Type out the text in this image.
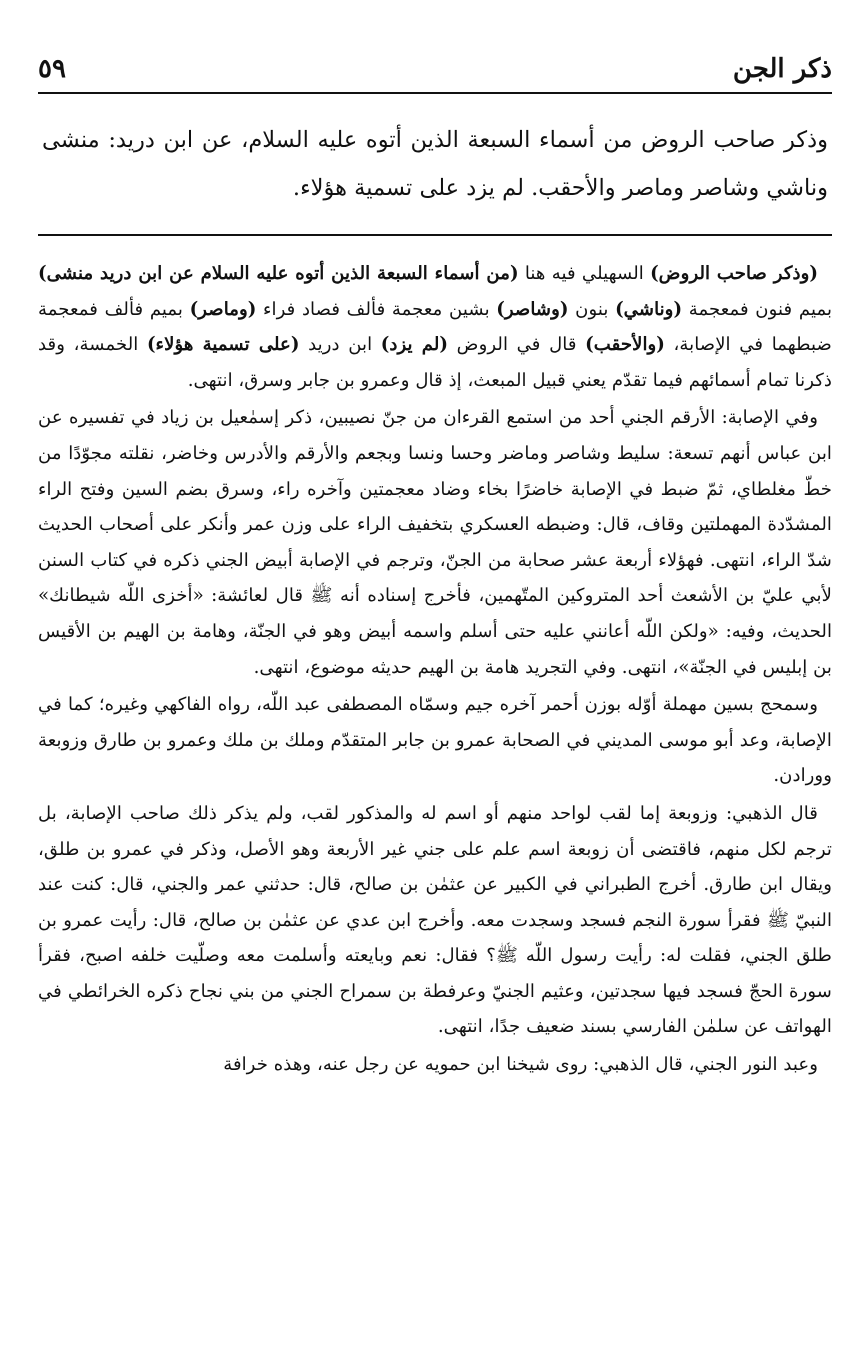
ذكر الجن
٥٩
وذكر صاحب الروض من أسماء السبعة الذين أتوه عليه السلام، عن ابن دريد: منشى وناشي وشاصر وماصر والأحقب. لم يزد على تسمية هؤلاء.

(وذكر صاحب الروض) السهيلي فيه هنا (من أسماء السبعة الذين أتوه عليه السلام عن ابن دريد منشى) بميم فنون فمعجمة (وناشي) بنون (وشاصر) بشين معجمة فألف فصاد فراء (وماصر) بميم فألف فمعجمة ضبطهما في الإصابة، (والأحقب) قال في الروض (لم يزد) ابن دريد (على تسمية هؤلاء) الخمسة، وقد ذكرنا تمام أسمائهم فيما تقدّم يعني قبيل المبعث، إذ قال وعمرو بن جابر وسرق، انتهى.

وفي الإصابة: الأرقم الجني أحد من استمع القرءان من جنّ نصيبين، ذكر إسمٰعيل بن زياد في تفسيره عن ابن عباس أنهم تسعة: سليط وشاصر وماضر وحسا ونسا وبجعم والأرقم والأدرس وخاضر، نقلته مجوّدًا من خطّ مغلطاي، ثمّ ضبط في الإصابة خاضرًا بخاء وضاد معجمتين وآخره راء، وسرق بضم السين وفتح الراء المشدّدة المهملتين وقاف، قال: وضبطه العسكري بتخفيف الراء على وزن عمر وأنكر على أصحاب الحديث شدّ الراء، انتهى. فهؤلاء أربعة عشر صحابة من الجنّ، وترجم في الإصابة أبيض الجني ذكره في كتاب السنن لأبي عليّ بن الأشعث أحد المتروكين المتّهمين، فأخرج إسناده أنه ﷺ قال لعائشة: «أخزى اللّه شيطانك» الحديث، وفيه: «ولكن اللّه أعانني عليه حتى أسلم واسمه أبيض وهو في الجنّة، وهامة بن الهيم بن الأقيس بن إبليس في الجنّة»، انتهى. وفي التجريد هامة بن الهيم حديثه موضوع، انتهى.

وسمحج بسين مهملة أوّله بوزن أحمر آخره جيم وسمّاه المصطفى عبد اللّه، رواه الفاكهي وغيره؛ كما في الإصابة، وعد أبو موسى المديني في الصحابة عمرو بن جابر المتقدّم وملك بن ملك وعمرو بن طارق وزوبعة وورادن.

قال الذهبي: وزوبعة إما لقب لواحد منهم أو اسم له والمذكور لقب، ولم يذكر ذلك صاحب الإصابة، بل ترجم لكل منهم، فاقتضى أن زوبعة اسم علم على جني غير الأربعة وهو الأصل، وذكر في عمرو بن طلق، ويقال ابن طارق. أخرج الطبراني في الكبير عن عثمٰن بن صالح، قال: حدثني عمر والجني، قال: كنت عند النبيّ ﷺ فقرأ سورة النجم فسجد وسجدت معه. وأخرج ابن عدي عن عثمٰن بن صالح، قال: رأيت عمرو بن طلق الجني، فقلت له: رأيت رسول اللّه ﷺ؟ فقال: نعم وبايعته وأسلمت معه وصلّيت خلفه اصبح، فقرأ سورة الحجّ فسجد فيها سجدتين، وعثيم الجنيّ وعرفطة بن سمراح الجني من بني نجاح ذكره الخرائطي في الهواتف عن سلمٰن الفارسي بسند ضعيف جدًا، انتهى.

وعبد النور الجني، قال الذهبي: روى شيخنا ابن حمويه عن رجل عنه، وهذه خرافة
